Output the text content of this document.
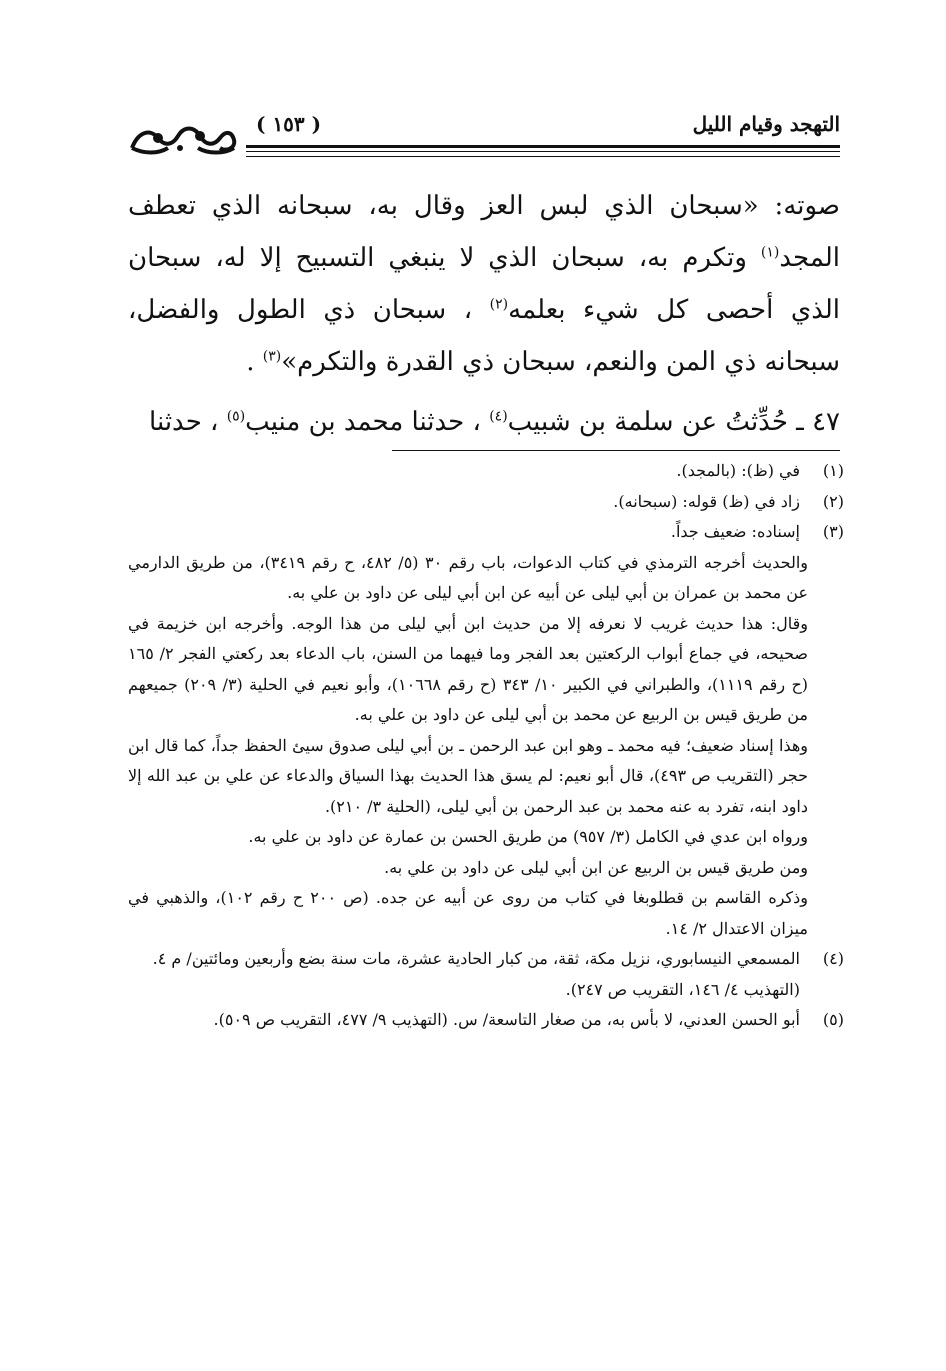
( ١٥٣ )	التهجد وقيام الليل

صوته: «سبحان الذي لبس العز وقال به، سبحانه الذي تعطف المجد$^{(١)}$ وتكرم به، سبحان الذي لا ينبغي التسبيح إلا له، سبحان الذي أحصى كل شيء بعلمه$^{(٢)}$ ، سبحان ذي الطول والفضل، سبحانه ذي المن والنعم، سبحان ذي القدرة والتكرم»$^{(٣)}$ .

٤٧ ـ حُدِّثتُ عن سلمة بن شبيب$^{(٤)}$ ، حدثنا محمد بن منيب$^{(٥)}$ ، حدثنا

(١)
في (ظ): (بالمجد).
(٢)
زاد في (ظ) قوله: (سبحانه).
(٣)
إسناده: ضعيف جداً.

والحديث أخرجه الترمذي في كتاب الدعوات، باب رقم ٣٠ (٥/ ٤٨٢، ح رقم ٣٤١٩)، من طريق الدارمي عن محمد بن عمران بن أبي ليلى عن أبيه عن ابن أبي ليلى عن داود بن علي به.

وقال: هذا حديث غريب لا نعرفه إلا من حديث ابن أبي ليلى من هذا الوجه. وأخرجه ابن خزيمة في صحيحه، في جماع أبواب الركعتين بعد الفجر وما فيهما من السنن، باب الدعاء بعد ركعتي الفجر ٢/ ١٦٥ (ح رقم ١١١٩)، والطبراني في الكبير ١٠/ ٣٤٣ (ح رقم ١٠٦٦٨)، وأبو نعيم في الحلية (٣/ ٢٠٩) جميعهم من طريق قيس بن الربيع عن محمد بن أبي ليلى عن داود بن علي به.

وهذا إسناد ضعيف؛ فيه محمد ـ وهو ابن عبد الرحمن ـ بن أبي ليلى صدوق سيئ الحفظ جداً، كما قال ابن حجر (التقريب ص ٤٩٣)، قال أبو نعيم: لم يسق هذا الحديث بهذا السياق والدعاء عن علي بن عبد الله إلا داود ابنه، تفرد به عنه محمد بن عبد الرحمن بن أبي ليلى، (الحلية ٣/ ٢١٠).

ورواه ابن عدي في الكامل (٣/ ٩٥٧) من طريق الحسن بن عمارة عن داود بن علي به.

ومن طريق قيس بن الربيع عن ابن أبي ليلى عن داود بن علي به.

وذكره القاسم بن قطلوبغا في كتاب من روى عن أبيه عن جده. (ص ٢٠٠ ح رقم ١٠٢)، والذهبي في ميزان الاعتدال ٢/ ١٤.

(٤)
المسمعي النيسابوري، نزيل مكة، ثقة، من كبار الحادية عشرة، مات سنة بضع وأربعين ومائتين/ م ٤. (التهذيب ٤/ ١٤٦، التقريب ص ٢٤٧).
(٥)
أبو الحسن العدني، لا بأس به، من صغار التاسعة/ س. (التهذيب ٩/ ٤٧٧، التقريب ص ٥٠٩).
